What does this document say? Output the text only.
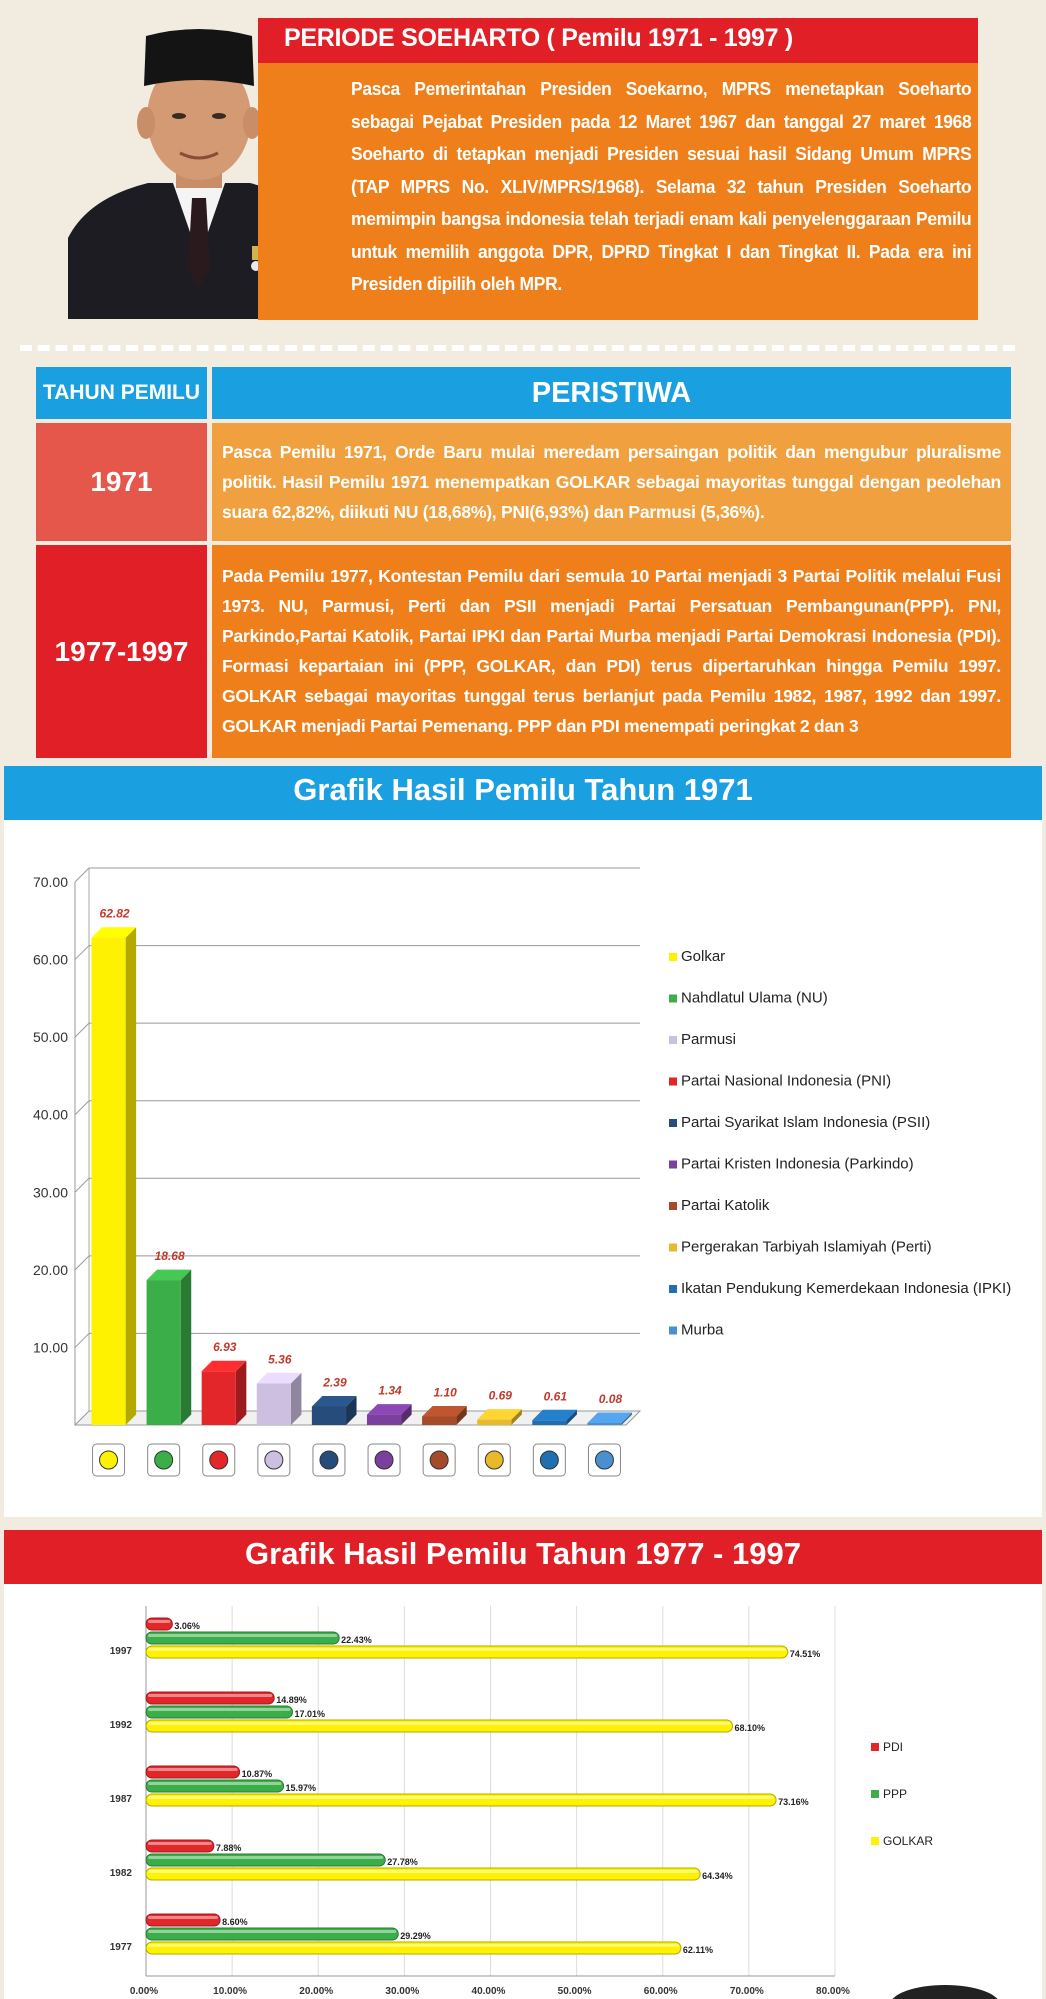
PERIODE SOEHARTO ( Pemilu 1971 - 1997 )
Pasca Pemerintahan Presiden Soekarno, MPRS menetapkan Soeharto sebagai Pejabat Presiden pada 12 Maret 1967 dan tanggal 27 maret 1968 Soeharto di tetapkan menjadi Presiden sesuai hasil Sidang Umum MPRS (TAP MPRS No. XLIV/MPRS/1968). Selama 32 tahun Presiden Soeharto memimpin bangsa indonesia telah terjadi enam kali penyelenggaraan Pemilu untuk memilih anggota DPR, DPRD Tingkat I dan Tingkat II. Pada era ini Presiden dipilih oleh MPR.
TAHUN PEMILU	PERISTIWA
1971
Pasca Pemilu 1971, Orde Baru mulai meredam persaingan politik dan mengubur pluralisme politik. Hasil Pemilu 1971 menempatkan GOLKAR sebagai mayoritas tunggal dengan peolehan suara 62,82%, diikuti NU (18,68%), PNI(6,93%) dan Parmusi (5,36%).
1977-1997
Pada Pemilu 1977, Kontestan Pemilu dari semula 10 Partai menjadi 3 Partai Politik melalui Fusi 1973. NU, Parmusi, Perti dan PSII menjadi Partai Persatuan Pembangunan(PPP). PNI, Parkindo,Partai Katolik, Partai IPKI dan Partai Murba menjadi Partai Demokrasi Indonesia (PDI). Formasi kepartaian ini (PPP, GOLKAR, dan PDI) terus dipertaruhkan hingga Pemilu 1997. GOLKAR sebagai mayoritas tunggal terus berlanjut pada Pemilu 1982, 1987, 1992 dan 1997. GOLKAR menjadi Partai Pemenang. PPP dan PDI menempati peringkat 2 dan 3
Grafik Hasil Pemilu Tahun 1971
10.00
20.00
30.00
40.00
50.00
60.00
70.00
62.82
18.68
6.93
5.36
2.39
1.34	1.10	0.69	0.61	0.08
Golkar
Nahdlatul Ulama (NU)
Parmusi
Partai Nasional Indonesia (PNI)
Partai Syarikat Islam Indonesia (PSII)
Partai Kristen Indonesia (Parkindo)
Partai Katolik
Pergerakan Tarbiyah Islamiyah (Perti)
Ikatan Pendukung Kemerdekaan Indonesia (IPKI)
Murba
Grafik Hasil Pemilu Tahun 1977 - 1997
0.00%	10.00%	20.00%	30.00%	40.00%	50.00%	60.00%	70.00%	80.00%
1997
3.06%
22.43%
74.51%
1992
14.89%
17.01%
68.10%
1987
10.87%
15.97%
73.16%
1982
7.88%
27.78%
64.34%
1977
8.60%
29.29%
62.11%
PDI
PPP
GOLKAR
